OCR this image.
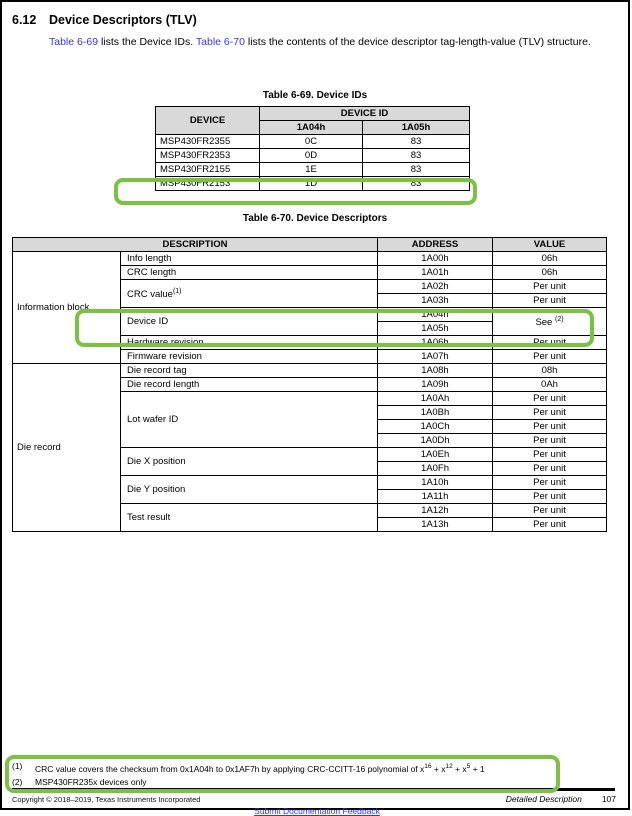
6.12	Device Descriptors (TLV)
Table 6-69 lists the Device IDs. Table 6-70 lists the contents of the device descriptor tag-length-value (TLV) structure.
Table 6-69. Device IDs
DEVICE	DEVICE ID	
	1A04h	1A05h
MSP430FR2355	0C	83
MSP430FR2353	0D	83
MSP430FR2155	1E	83
MSP430FR2153	1D	83
Table 6-70. Device Descriptors
DESCRIPTION		ADDRESS	VALUE
Information block	Info length	1A00h	06h
	CRC length	1A01h	06h
	CRC value$^{(1)}$	1A02h	Per unit
		1A03h	Per unit
	Device ID	1A04h	See $^{(2)}$
		1A05h	
	Hardware revision	1A06h	Per unit
	Firmware revision	1A07h	Per unit
Die record	Die record tag	1A08h	08h
	Die record length	1A09h	0Ah
	Lot wafer ID	1A0Ah	Per unit
		1A0Bh	Per unit
		1A0Ch	Per unit
		1A0Dh	Per unit
	Die X position	1A0Eh	Per unit
		1A0Fh	Per unit
	Die Y position	1A10h	Per unit
		1A11h	Per unit
	Test result	1A12h	Per unit
		1A13h	Per unit
(1)	CRC value covers the checksum from 0x1A04h to 0x1AF7h by applying CRC-CCITT-16 polynomial of $x^{16} + x^{12} + x^5 + 1$
(2)	MSP430FR235x devices only
Copyright © 2018–2019, Texas Instruments Incorporated	Detailed Description 107
Submit Documentation Feedback
